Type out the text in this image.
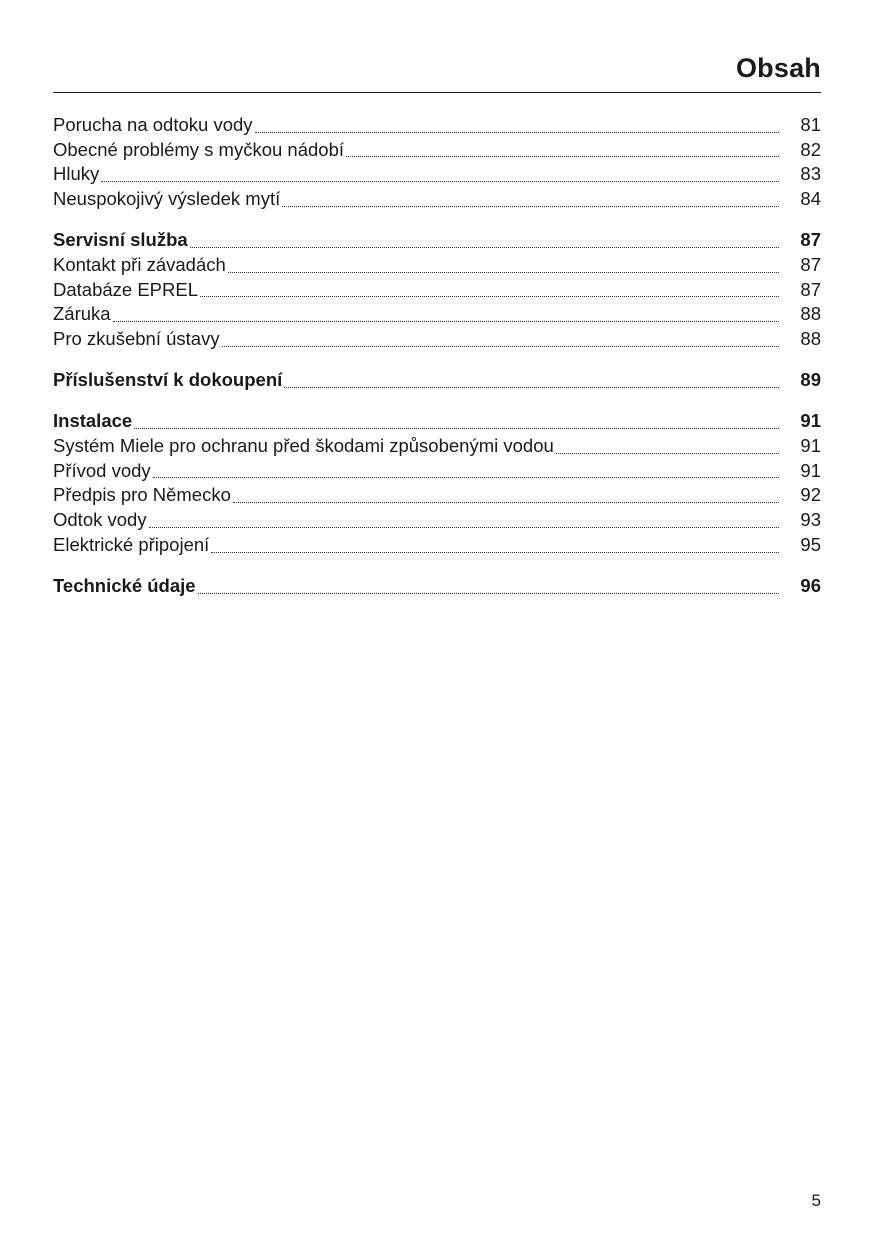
Obsah
Porucha na odtoku vody	81
Obecné problémy s myčkou nádobí	82
Hluky	83
Neuspokojivý výsledek mytí	84
Servisní služba	87
Kontakt při závadách	87
Databáze EPREL	87
Záruka	88
Pro zkušební ústavy	88
Příslušenství k dokoupení	89
Instalace	91
Systém Miele pro ochranu před škodami způsobenými vodou	91
Přívod vody	91
Předpis pro Německo	92
Odtok vody	93
Elektrické připojení	95
Technické údaje	96
5
